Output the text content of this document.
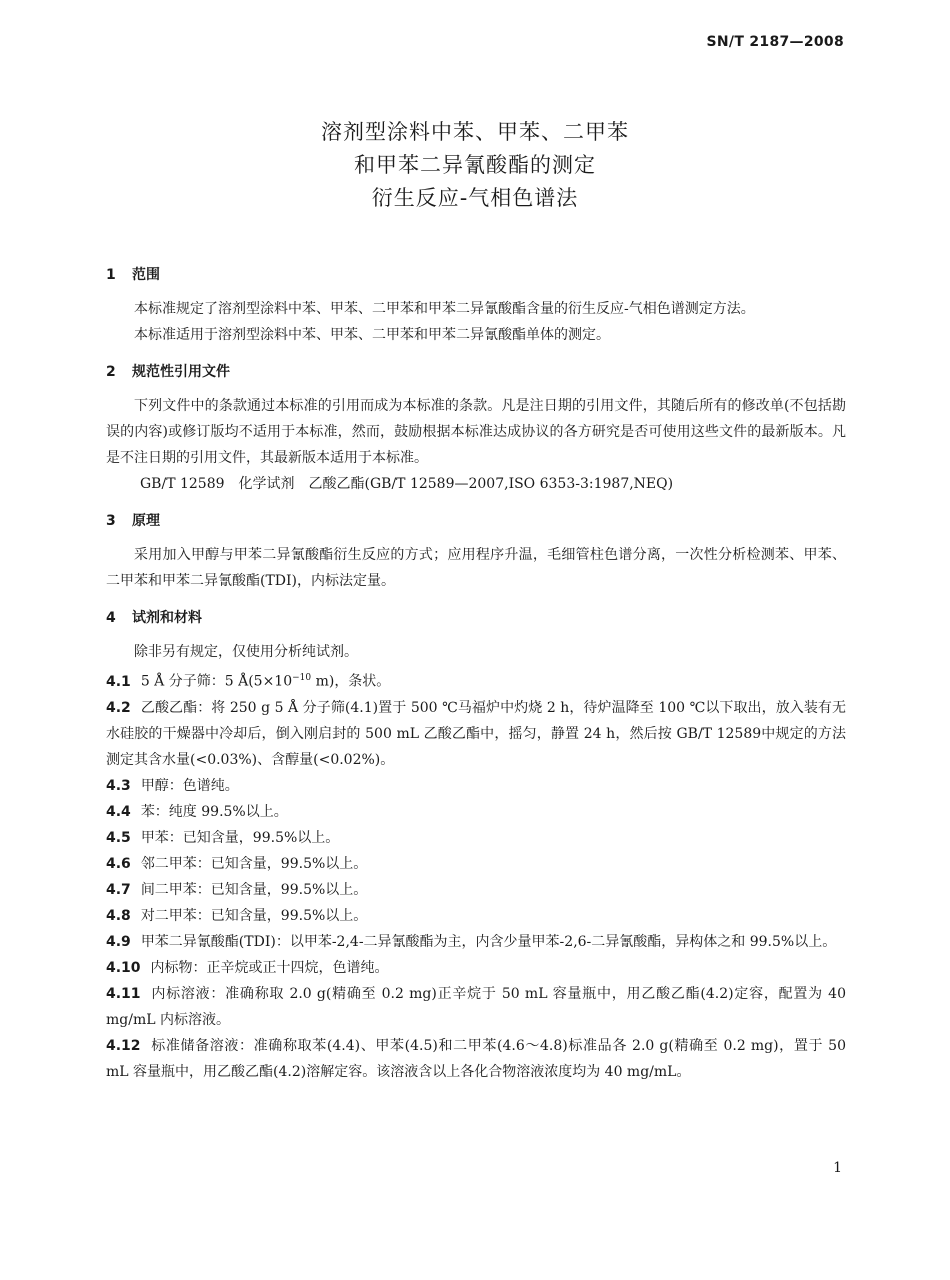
SN/T 2187—2008
溶剂型涂料中苯、甲苯、二甲苯
和甲苯二异氰酸酯的测定
衍生反应-气相色谱法
1 范围

本标准规定了溶剂型涂料中苯、甲苯、二甲苯和甲苯二异氰酸酯含量的衍生反应-气相色谱测定方法。

本标准适用于溶剂型涂料中苯、甲苯、二甲苯和甲苯二异氰酸酯单体的测定。

2 规范性引用文件

下列文件中的条款通过本标准的引用而成为本标准的条款。凡是注日期的引用文件，其随后所有的修改单(不包括勘误的内容)或修订版均不适用于本标准，然而，鼓励根据本标准达成协议的各方研究是否可使用这些文件的最新版本。凡是不注日期的引用文件，其最新版本适用于本标准。

GB/T 12589　化学试剂　乙酸乙酯(GB/T 12589—2007,ISO 6353-3:1987,NEQ)

3 原理

采用加入甲醇与甲苯二异氰酸酯衍生反应的方式；应用程序升温，毛细管柱色谱分离，一次性分析检测苯、甲苯、二甲苯和甲苯二异氰酸酯(TDI)，内标法定量。

4 试剂和材料

除非另有规定，仅使用分析纯试剂。

4.1 5 Å 分子筛：5 $Å(5\times 10^{-10}$ m)，条状。

4.2 乙酸乙酯：将 250 g 5 Å 分子筛(4.1)置于 500 ℃马福炉中灼烧 2 h，待炉温降至 100 ℃以下取出，放入装有无水硅胶的干燥器中冷却后，倒入刚启封的 500 mL 乙酸乙酯中，摇匀，静置 24 h，然后按 GB/T 12589中规定的方法测定其含水量(<0.03%)、含醇量(<0.02%)。

4.3 甲醇：色谱纯。

4.4 苯：纯度 99.5%以上。

4.5 甲苯：已知含量，99.5%以上。

4.6 邻二甲苯：已知含量，99.5%以上。

4.7 间二甲苯：已知含量，99.5%以上。

4.8 对二甲苯：已知含量，99.5%以上。

4.9 甲苯二异氰酸酯(TDI)：以甲苯-2,4-二异氰酸酯为主，内含少量甲苯-2,6-二异氰酸酯，异构体之和 99.5%以上。

4.10 内标物：正辛烷或正十四烷，色谱纯。

4.11 内标溶液：准确称取 2.0 g(精确至 0.2 mg)正辛烷于 50 mL 容量瓶中，用乙酸乙酯(4.2)定容，配置为 40 mg/mL 内标溶液。

4.12 标准储备溶液：准确称取苯(4.4)、甲苯(4.5)和二甲苯(4.6～4.8)标准品各 2.0 g(精确至 0.2 mg)，置于 50 mL 容量瓶中，用乙酸乙酯(4.2)溶解定容。该溶液含以上各化合物溶液浓度均为 40 mg/mL。

1
